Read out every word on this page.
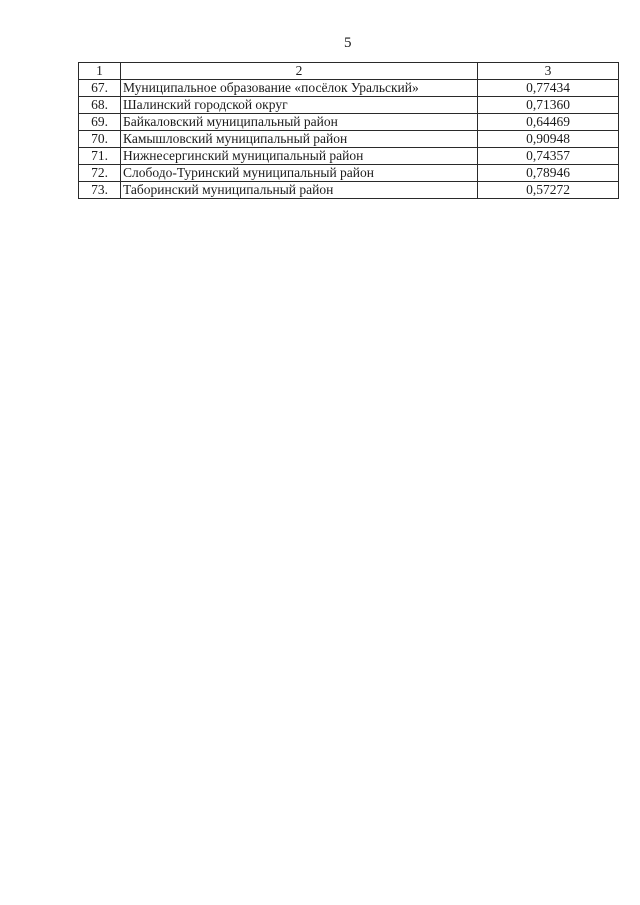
5
1	2	3
67.	Муниципальное образование «посёлок Уральский»	0,77434
68.	Шалинский городской округ	0,71360
69.	Байкаловский муниципальный район	0,64469
70.	Камышловский муниципальный район	0,90948
71.	Нижнесергинский муниципальный район	0,74357
72.	Слободо-Туринский муниципальный район	0,78946
73.	Таборинский муниципальный район	0,57272
